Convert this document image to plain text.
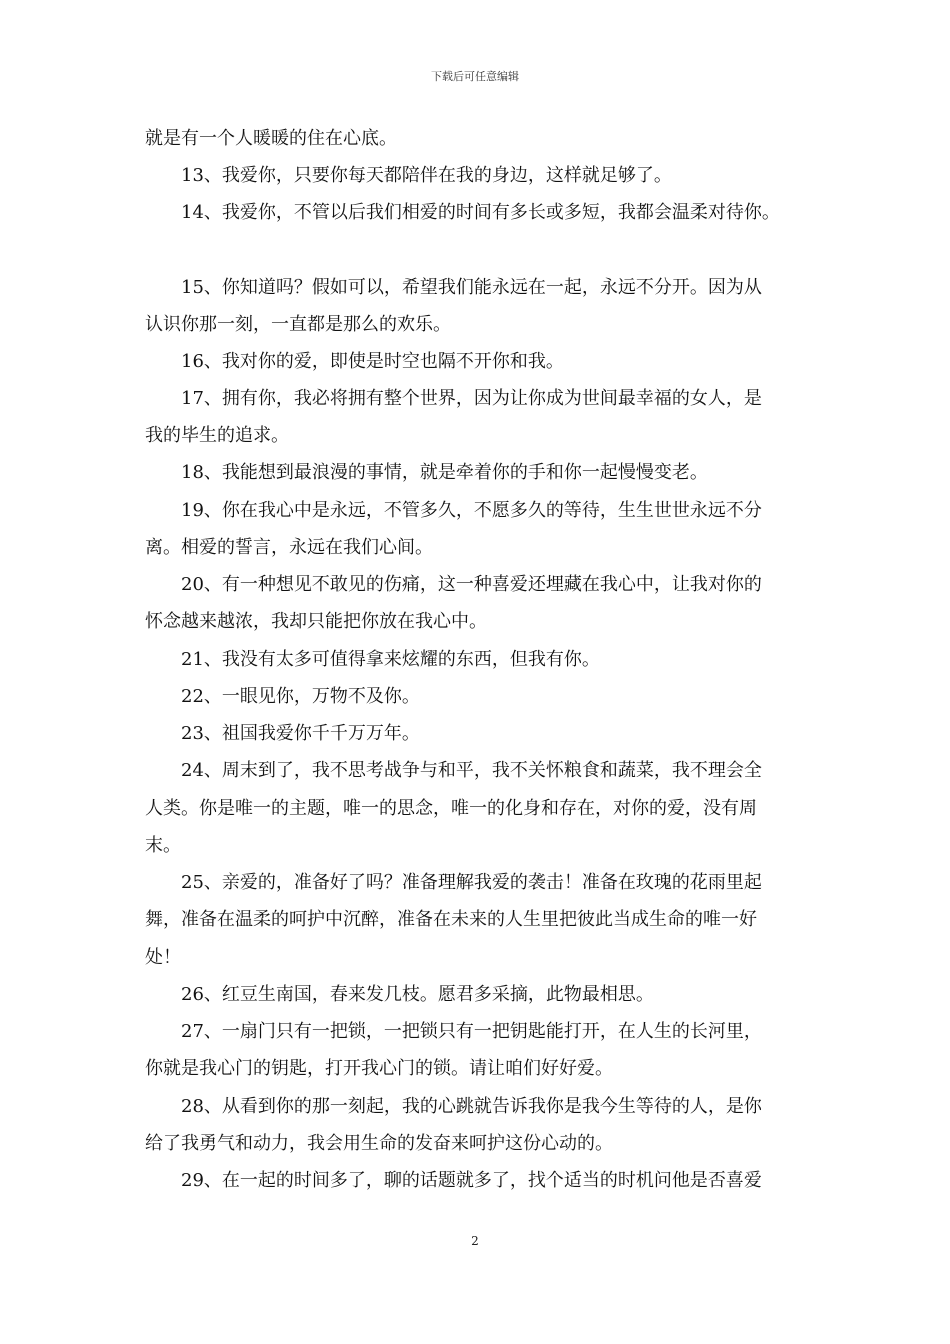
下载后可任意编辑
就是有一个人暖暖的住在心底。
13、我爱你，只要你每天都陪伴在我的身边，这样就足够了。
14、我爱你，不管以后我们相爱的时间有多长或多短，我都会温柔对待你。
15、你知道吗？假如可以，希望我们能永远在一起，永远不分开。因为从
认识你那一刻，一直都是那么的欢乐。
16、我对你的爱，即使是时空也隔不开你和我。
17、拥有你，我必将拥有整个世界，因为让你成为世间最幸福的女人，是
我的毕生的追求。
18、我能想到最浪漫的事情，就是牵着你的手和你一起慢慢变老。
19、你在我心中是永远，不管多久，不愿多久的等待，生生世世永远不分
离。相爱的誓言，永远在我们心间。
20、有一种想见不敢见的伤痛，这一种喜爱还埋藏在我心中，让我对你的
怀念越来越浓，我却只能把你放在我心中。
21、我没有太多可值得拿来炫耀的东西，但我有你。
22、一眼见你，万物不及你。
23、祖国我爱你千千万万年。
24、周末到了，我不思考战争与和平，我不关怀粮食和蔬菜，我不理会全
人类。你是唯一的主题，唯一的思念，唯一的化身和存在，对你的爱，没有周
末。
25、亲爱的，准备好了吗？准备理解我爱的袭击！准备在玫瑰的花雨里起
舞，准备在温柔的呵护中沉醉，准备在未来的人生里把彼此当成生命的唯一好
处！
26、红豆生南国，春来发几枝。愿君多采摘，此物最相思。
27、一扇门只有一把锁，一把锁只有一把钥匙能打开，在人生的长河里，
你就是我心门的钥匙，打开我心门的锁。请让咱们好好爱。
28、从看到你的那一刻起，我的心跳就告诉我你是我今生等待的人，是你
给了我勇气和动力，我会用生命的发奋来呵护这份心动的。
29、在一起的时间多了，聊的话题就多了，找个适当的时机问他是否喜爱
2
